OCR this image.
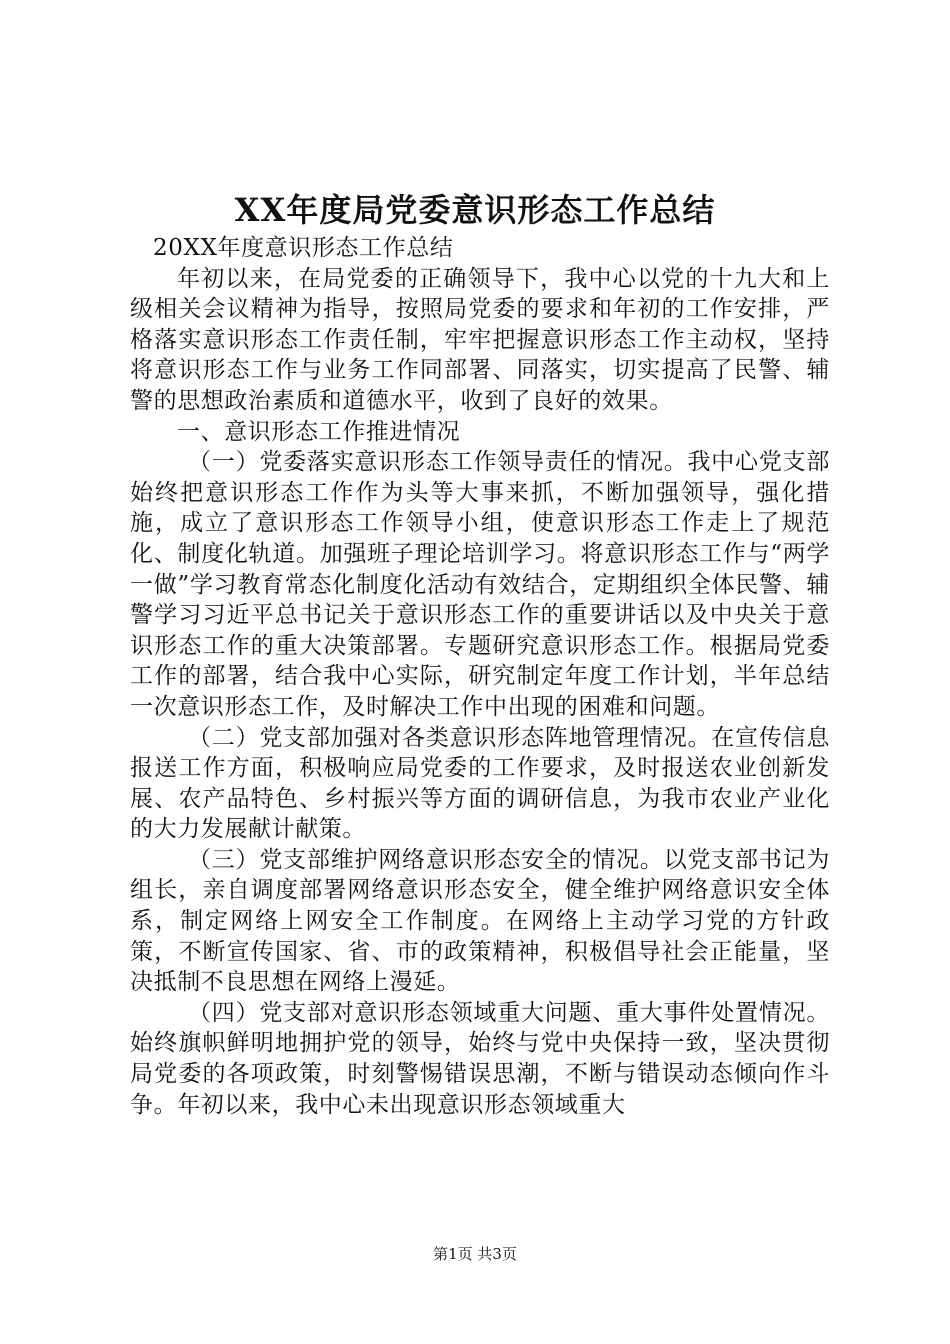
XX年度局党委意识形态工作总结

20XX年度意识形态工作总结

年初以来，在局党委的正确领导下，我中心以党的十九大和上级相关会议精神为指导，按照局党委的要求和年初的工作安排，严格落实意识形态工作责任制，牢牢把握意识形态工作主动权，坚持将意识形态工作与业务工作同部署、同落实，切实提高了民警、辅警的思想政治素质和道德水平，收到了良好的效果。

一、意识形态工作推进情况

（一）党委落实意识形态工作领导责任的情况。我中心党支部始终把意识形态工作作为头等大事来抓，不断加强领导，强化措施，成立了意识形态工作领导小组，使意识形态工作走上了规范化、制度化轨道。加强班子理论培训学习。将意识形态工作与“两学一做”学习教育常态化制度化活动有效结合，定期组织全体民警、辅警学习习近平总书记关于意识形态工作的重要讲话以及中央关于意识形态工作的重大决策部署。专题研究意识形态工作。根据局党委工作的部署，结合我中心实际，研究制定年度工作计划，半年总结一次意识形态工作，及时解决工作中出现的困难和问题。

（二）党支部加强对各类意识形态阵地管理情况。在宣传信息报送工作方面，积极响应局党委的工作要求，及时报送农业创新发展、农产品特色、乡村振兴等方面的调研信息，为我市农业产业化的大力发展献计献策。

（三）党支部维护网络意识形态安全的情况。以党支部书记为组长，亲自调度部署网络意识形态安全，健全维护网络意识安全体系，制定网络上网安全工作制度。在网络上主动学习党的方针政策，不断宣传国家、省、市的政策精神，积极倡导社会正能量，坚决抵制不良思想在网络上漫延。

（四）党支部对意识形态领域重大问题、重大事件处置情况。始终旗帜鲜明地拥护党的领导，始终与党中央保持一致，坚决贯彻局党委的各项政策，时刻警惕错误思潮，不断与错误动态倾向作斗争。年初以来，我中心未出现意识形态领域重大

第1页 共3页
